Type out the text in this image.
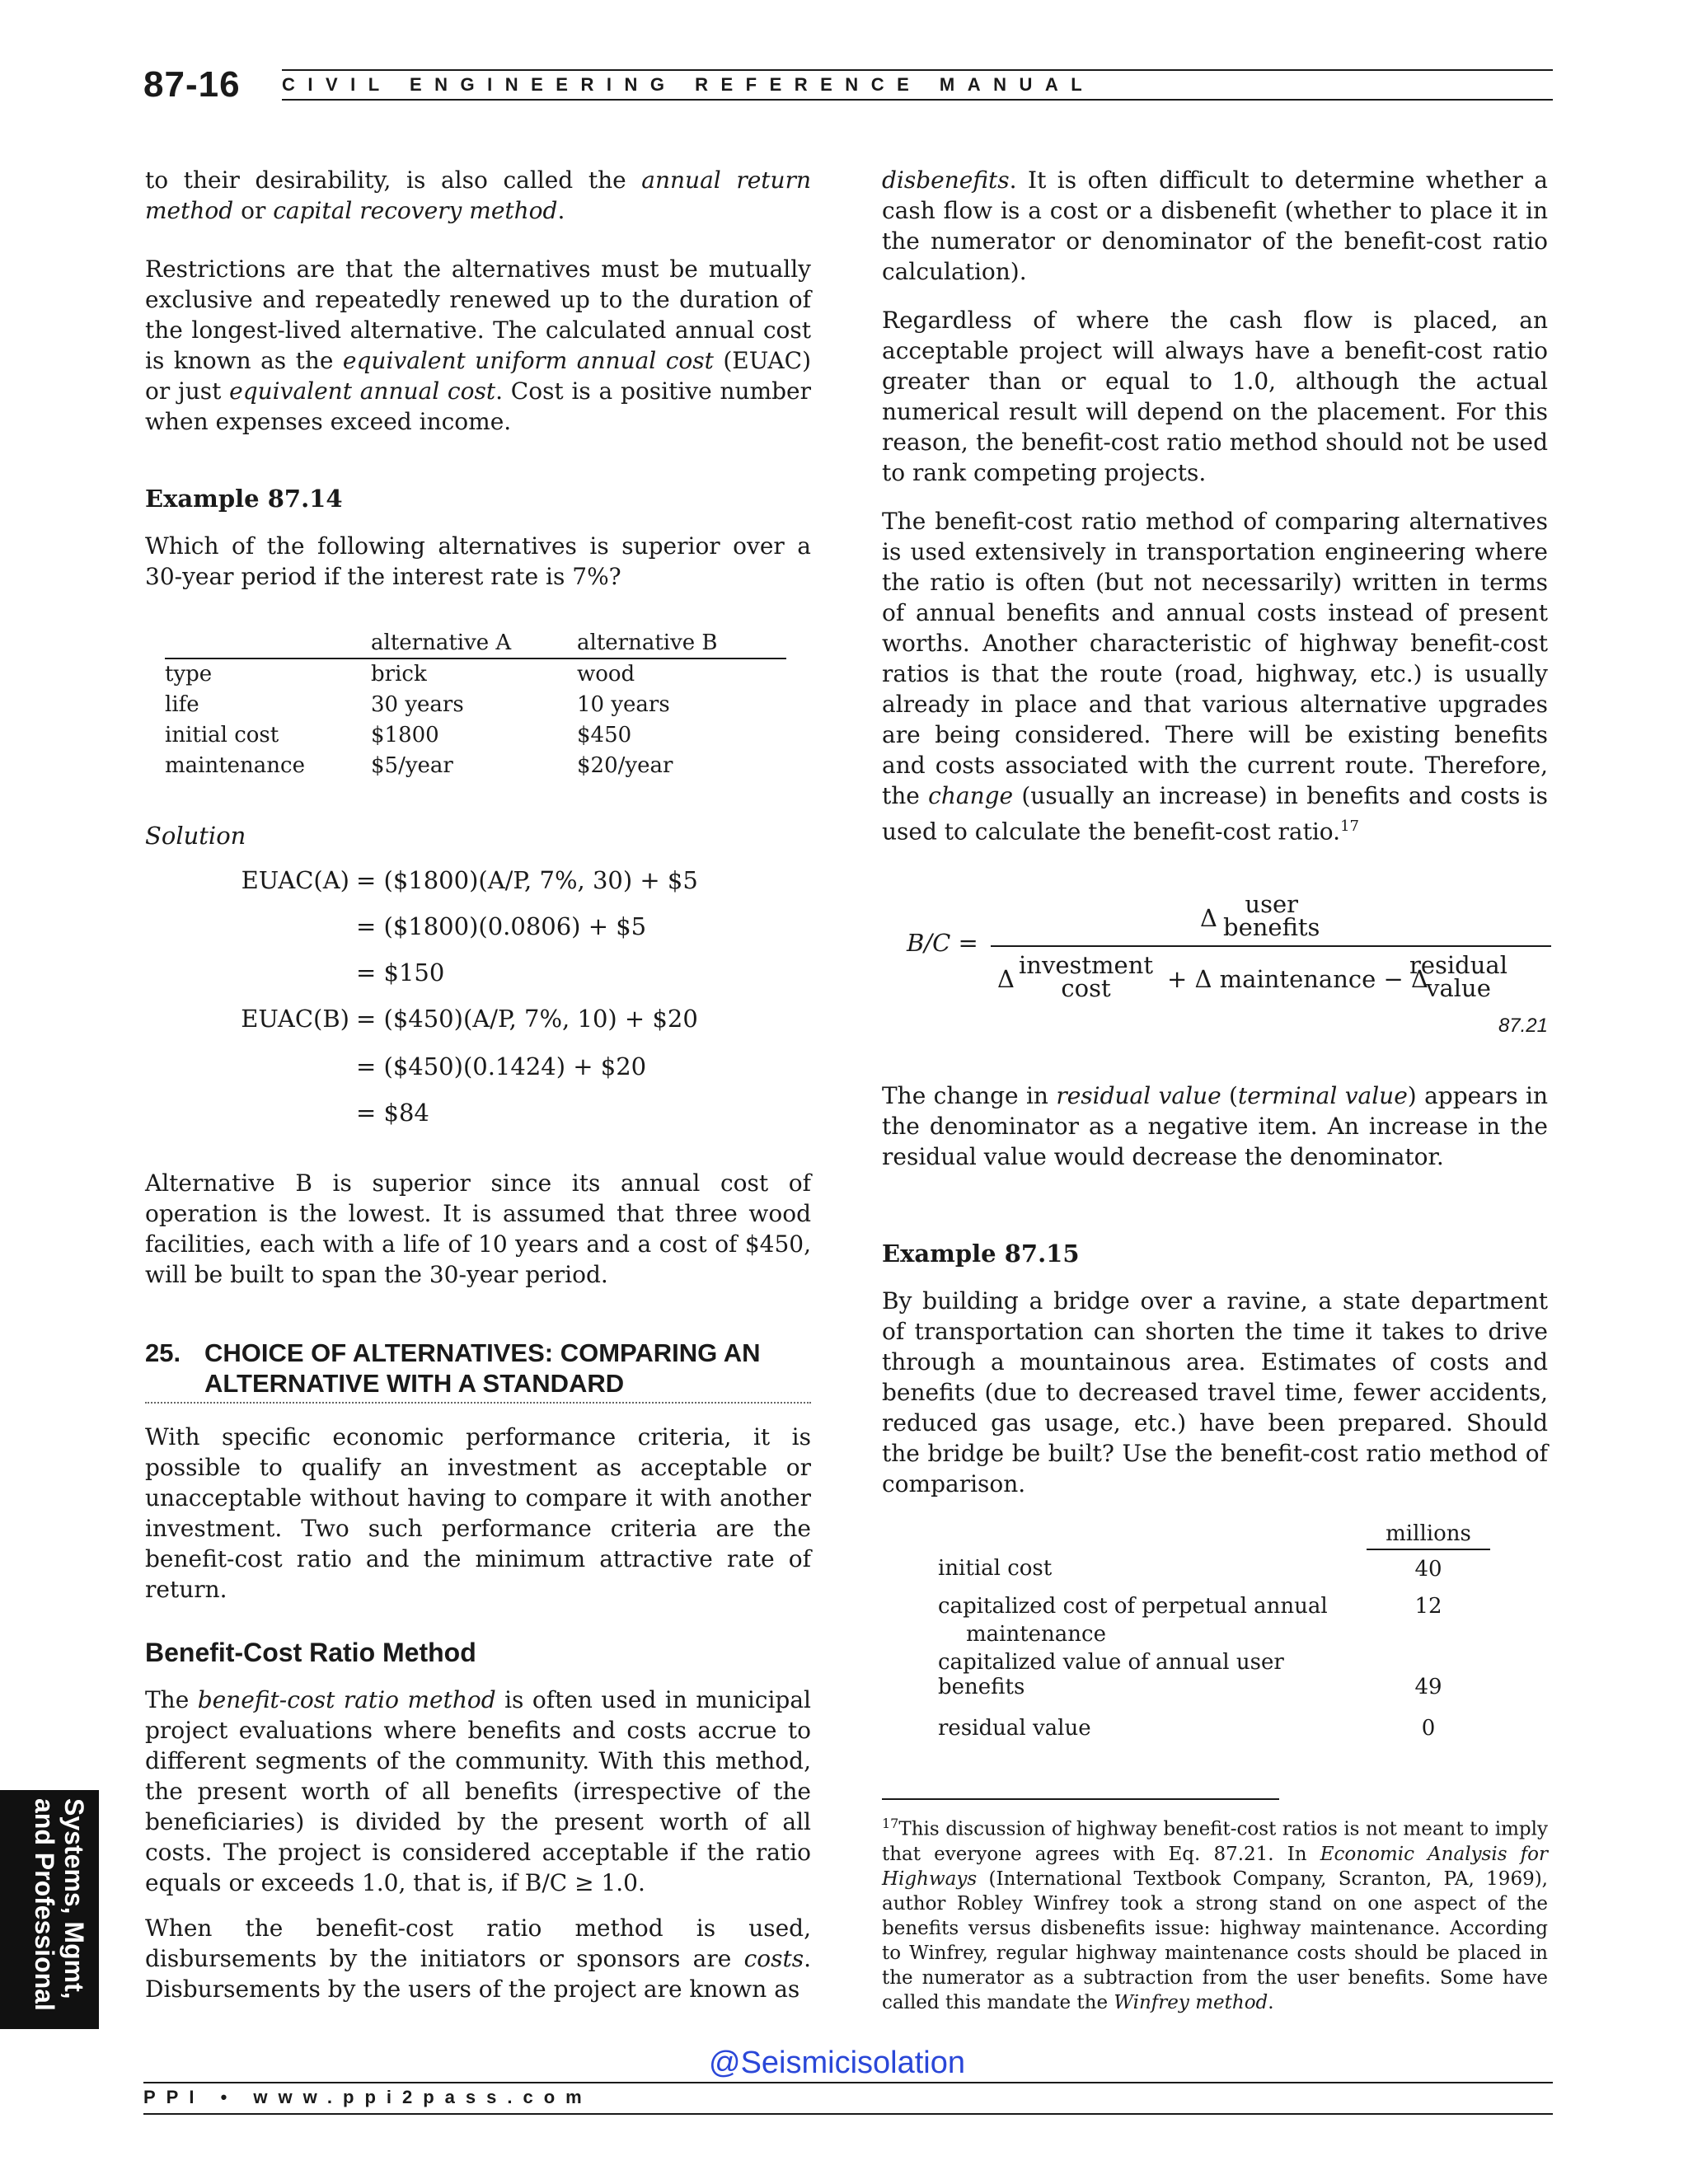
87-16 CIVIL ENGINEERING REFERENCE MANUAL

to their desirability, is also called the annual return method or capital recovery method.

Restrictions are that the alternatives must be mutually exclusive and repeatedly renewed up to the duration of the longest-lived alternative. The calculated annual cost is known as the equivalent uniform annual cost (EUAC) or just equivalent annual cost. Cost is a positive number when expenses exceed income.

Example 87.14

Which of the following alternatives is superior over a 30-year period if the interest rate is 7%?

	alternative A	alternative B
type	brick	wood
life	30 years	10 years
initial cost	$1800	$450
maintenance	$5/year	$20/year
Solution
EUAC(A) = ($1800)(A/P, 7%, 30) + $5
= ($1800)(0.0806) + $5
= $150
EUAC(B) = ($450)(A/P, 7%, 10) + $20
= ($450)(0.1424) + $20
= $84

Alternative B is superior since its annual cost of operation is the lowest. It is assumed that three wood facilities, each with a life of 10 years and a cost of $450, will be built to span the 30-year period.

25. CHOICE OF ALTERNATIVES: COMPARING AN ALTERNATIVE WITH A STANDARD

With specific economic performance criteria, it is possible to qualify an investment as acceptable or unacceptable without having to compare it with another investment. Two such performance criteria are the benefit-cost ratio and the minimum attractive rate of return.

Benefit-Cost Ratio Method

The benefit-cost ratio method is often used in municipal project evaluations where benefits and costs accrue to different segments of the community. With this method, the present worth of all benefits (irrespective of the beneficiaries) is divided by the present worth of all costs. The project is considered acceptable if the ratio equals or exceeds 1.0, that is, if B/C ≥ 1.0.

When the benefit-cost ratio method is used, disbursements by the initiators or sponsors are costs. Disbursements by the users of the project are known as

disbenefits. It is often difficult to determine whether a cash flow is a cost or a disbenefit (whether to place it in the numerator or denominator of the benefit-cost ratio calculation).

Regardless of where the cash flow is placed, an acceptable project will always have a benefit-cost ratio greater than or equal to 1.0, although the actual numerical result will depend on the placement. For this reason, the benefit-cost ratio method should not be used to rank competing projects.

The benefit-cost ratio method of comparing alternatives is used extensively in transportation engineering where the ratio is often (but not necessarily) written in terms of annual benefits and annual costs instead of present worths. Another characteristic of highway benefit-cost ratios is that the route (road, highway, etc.) is usually already in place and that various alternative upgrades are being considered. There will be existing benefits and costs associated with the current route. Therefore, the change (usually an increase) in benefits and costs is used to calculate the benefit-cost ratio.$^{17}$

B/C =
Δ	user
benefits
Δ investment
cost	+ Δ maintenance − Δ
residual
value
87.21

The change in residual value (terminal value) appears in the denominator as a negative item. An increase in the residual value would decrease the denominator.

Example 87.15

By building a bridge over a ravine, a state department of transportation can shorten the time it takes to drive through a mountainous area. Estimates of costs and benefits (due to decreased travel time, fewer accidents, reduced gas usage, etc.) have been prepared. Should the bridge be built? Use the benefit-cost ratio method of comparison.

	millions
initial cost	40
capitalized cost of perpetual annual	12
maintenance	
capitalized value of annual user benefits	49
residual value	0

$^{17}$This discussion of highway benefit-cost ratios is not meant to imply that everyone agrees with Eq. 87.21. In Economic Analysis for Highways (International Textbook Company, Scranton, PA, 1969), author Robley Winfrey took a strong stand on one aspect of the benefits versus disbenefits issue: highway maintenance. According to Winfrey, regular highway maintenance costs should be placed in the numerator as a subtraction from the user benefits. Some have called this mandate the Winfrey method.

Systems, Mgmt,
and Professional
@Seismicisolation
PPI • www.ppi2pass.com
